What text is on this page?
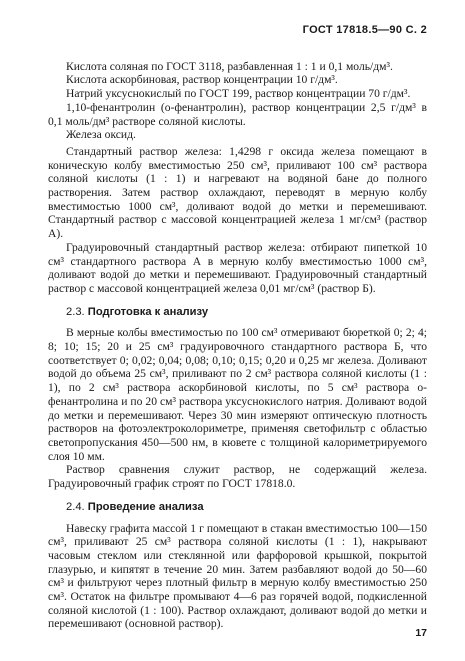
ГОСТ 17818.5—90 С. 2

Кислота соляная по ГОСТ 3118, разбавленная 1 : 1 и 0,1 моль/дм³.

Кислота аскорбиновая, раствор концентрации 10 г/дм³.

Натрий уксуснокислый по ГОСТ 199, раствор концентрации 70 г/дм³.

1,10-фенантролин (о-фенантролин), раствор концентрации 2,5 г/дм³ в 0,1 моль/дм³ растворе соляной кислоты.

Железа оксид.

Стандартный раствор железа: 1,4298 г оксида железа помещают в коническую колбу вместимостью 250 см³, приливают 100 см³ раствора соляной кислоты (1 : 1) и нагревают на водяной бане до полного растворения. Затем раствор охлаждают, переводят в мерную колбу вместимостью 1000 см³, доливают водой до метки и перемешивают. Стандартный раствор с массовой концентрацией железа 1 мг/см³ (раствор А).

Градуировочный стандартный раствор железа: отбирают пипеткой 10 см³ стандартного раствора А в мерную колбу вместимостью 1000 см³, доливают водой до метки и перемешивают. Градуировочный стандартный раствор с массовой концентрацией железа 0,01 мг/см³ (раствор Б).

2.3. Подготовка к анализу

В мерные колбы вместимостью по 100 см³ отмеривают бюреткой 0; 2; 4; 8; 10; 15; 20 и 25 см³ градуировочного стандартного раствора Б, что соответствует 0; 0,02; 0,04; 0,08; 0,10; 0,15; 0,20 и 0,25 мг железа. Доливают водой до объема 25 см³, приливают по 2 см³ раствора соляной кислоты (1 : 1), по 2 см³ раствора аскорбиновой кислоты, по 5 см³ раствора о-фенантролина и по 20 см³ раствора уксуснокислого натрия. Доливают водой до метки и перемешивают. Через 30 мин измеряют оптическую плотность растворов на фотоэлектроколориметре, применяя светофильтр с областью светопропускания 450—500 нм, в кювете с толщиной калориметрируемого слоя 10 мм.

Раствор сравнения служит раствор, не содержащий железа. Градуировочный график строят по ГОСТ 17818.0.

2.4. Проведение анализа

Навеску графита массой 1 г помещают в стакан вместимостью 100—150 см³, приливают 25 см³ раствора соляной кислоты (1 : 1), накрывают часовым стеклом или стеклянной или фарфоровой крышкой, покрытой глазурью, и кипятят в течение 20 мин. Затем разбавляют водой до 50—60 см³ и фильтруют через плотный фильтр в мерную колбу вместимостью 250 см³. Остаток на фильтре промывают 4—6 раз горячей водой, подкисленной соляной кислотой (1 : 100). Раствор охлаждают, доливают водой до метки и перемешивают (основной раствор).

17
